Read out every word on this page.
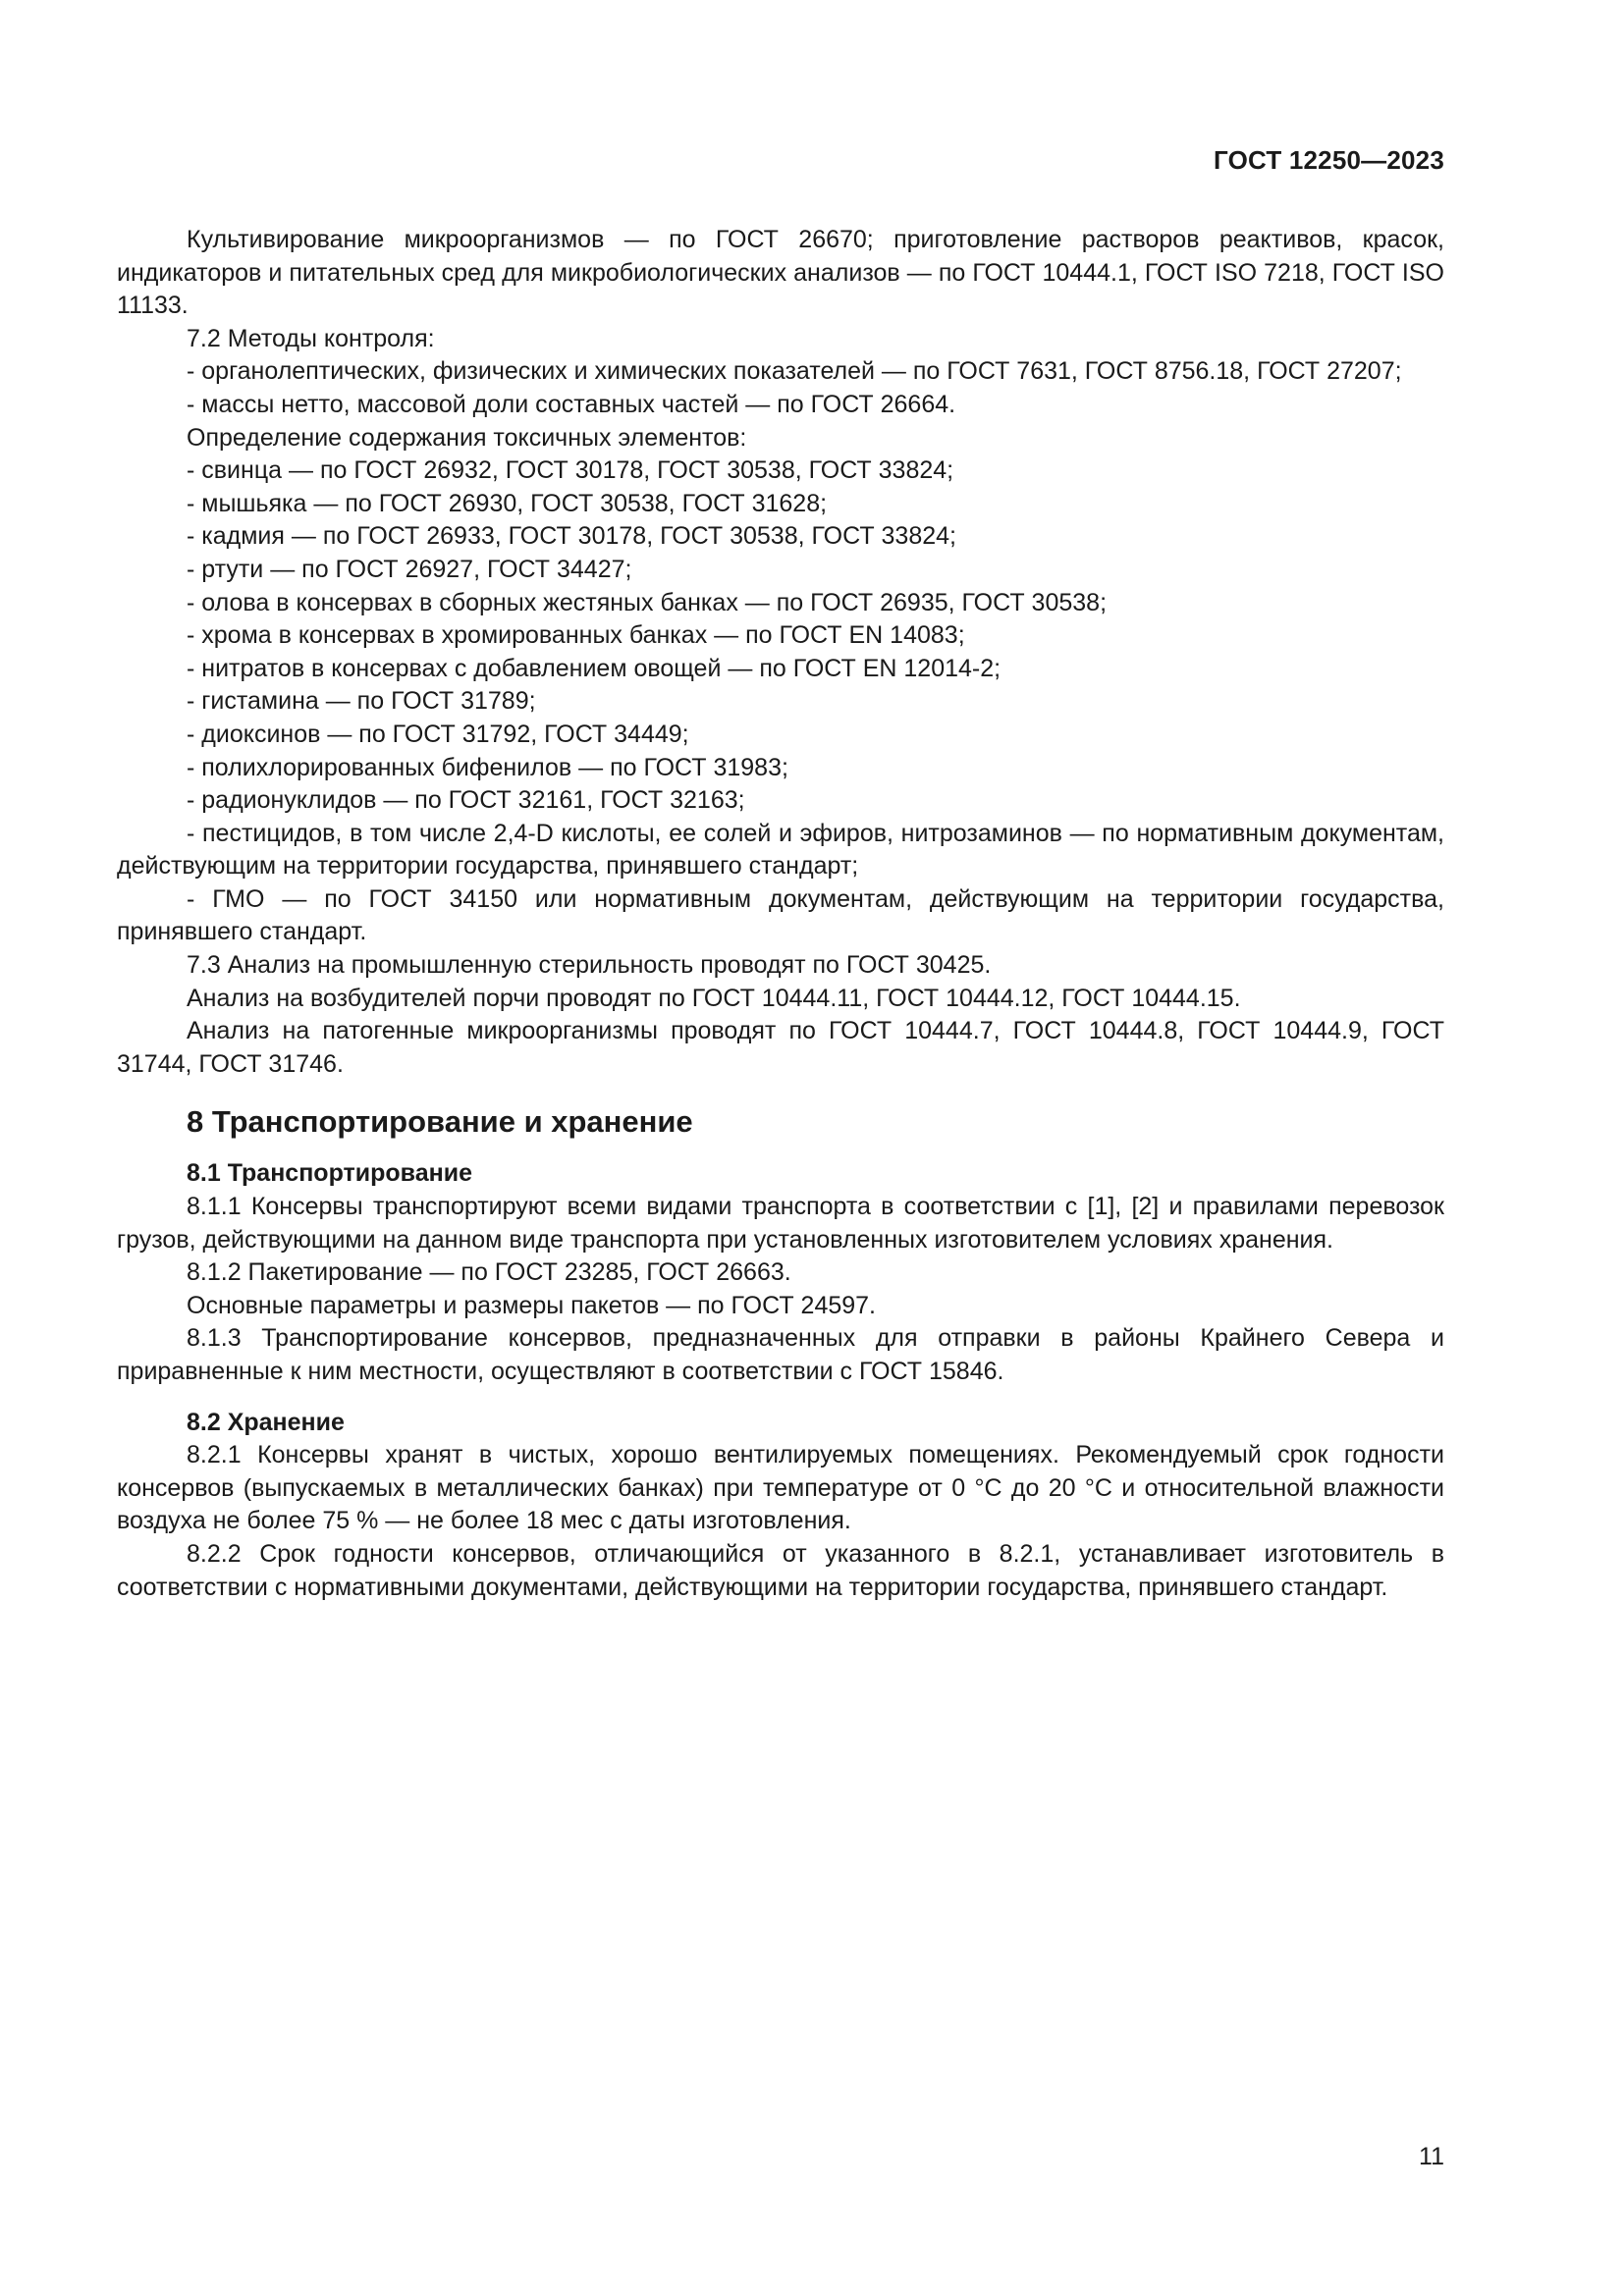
ГОСТ 12250—2023

Культивирование микроорганизмов — по ГОСТ 26670; приготовление растворов реактивов, красок, индикаторов и питательных сред для микробиологических анализов — по ГОСТ 10444.1, ГОСТ ISO 7218, ГОСТ ISO 11133.

7.2 Методы контроля:

- органолептических, физических и химических показателей — по ГОСТ 7631, ГОСТ 8756.18, ГОСТ 27207;

- массы нетто, массовой доли составных частей — по ГОСТ 26664.

Определение содержания токсичных элементов:

- свинца — по ГОСТ 26932, ГОСТ 30178, ГОСТ 30538, ГОСТ 33824;

- мышьяка — по ГОСТ 26930, ГОСТ 30538, ГОСТ 31628;

- кадмия — по ГОСТ 26933, ГОСТ 30178, ГОСТ 30538, ГОСТ 33824;

- ртути — по ГОСТ 26927, ГОСТ 34427;

- олова в консервах в сборных жестяных банках — по ГОСТ 26935, ГОСТ 30538;

- хрома в консервах в хромированных банках — по ГОСТ EN 14083;

- нитратов в консервах с добавлением овощей — по ГОСТ EN 12014-2;

- гистамина — по ГОСТ 31789;

- диоксинов — по ГОСТ 31792, ГОСТ 34449;

- полихлорированных бифенилов — по ГОСТ 31983;

- радионуклидов — по ГОСТ 32161, ГОСТ 32163;

- пестицидов, в том числе 2,4-D кислоты, ее солей и эфиров, нитрозаминов — по нормативным документам, действующим на территории государства, принявшего стандарт;

- ГМО — по ГОСТ 34150 или нормативным документам, действующим на территории государства, принявшего стандарт.

7.3 Анализ на промышленную стерильность проводят по ГОСТ 30425.

Анализ на возбудителей порчи проводят по ГОСТ 10444.11, ГОСТ 10444.12, ГОСТ 10444.15.

Анализ на патогенные микроорганизмы проводят по ГОСТ 10444.7, ГОСТ 10444.8, ГОСТ 10444.9, ГОСТ 31744, ГОСТ 31746.

8 Транспортирование и хранение
8.1 Транспортирование

8.1.1 Консервы транспортируют всеми видами транспорта в соответствии с [1], [2] и правилами перевозок грузов, действующими на данном виде транспорта при установленных изготовителем условиях хранения.

8.1.2 Пакетирование — по ГОСТ 23285, ГОСТ 26663.

Основные параметры и размеры пакетов — по ГОСТ 24597.

8.1.3 Транспортирование консервов, предназначенных для отправки в районы Крайнего Севера и приравненные к ним местности, осуществляют в соответствии с ГОСТ 15846.

8.2 Хранение

8.2.1 Консервы хранят в чистых, хорошо вентилируемых помещениях. Рекомендуемый срок годности консервов (выпускаемых в металлических банках) при температуре от 0 °С до 20 °С и относительной влажности воздуха не более 75 % — не более 18 мес с даты изготовления.

8.2.2 Срок годности консервов, отличающийся от указанного в 8.2.1, устанавливает изготовитель в соответствии с нормативными документами, действующими на территории государства, принявшего стандарт.

11
